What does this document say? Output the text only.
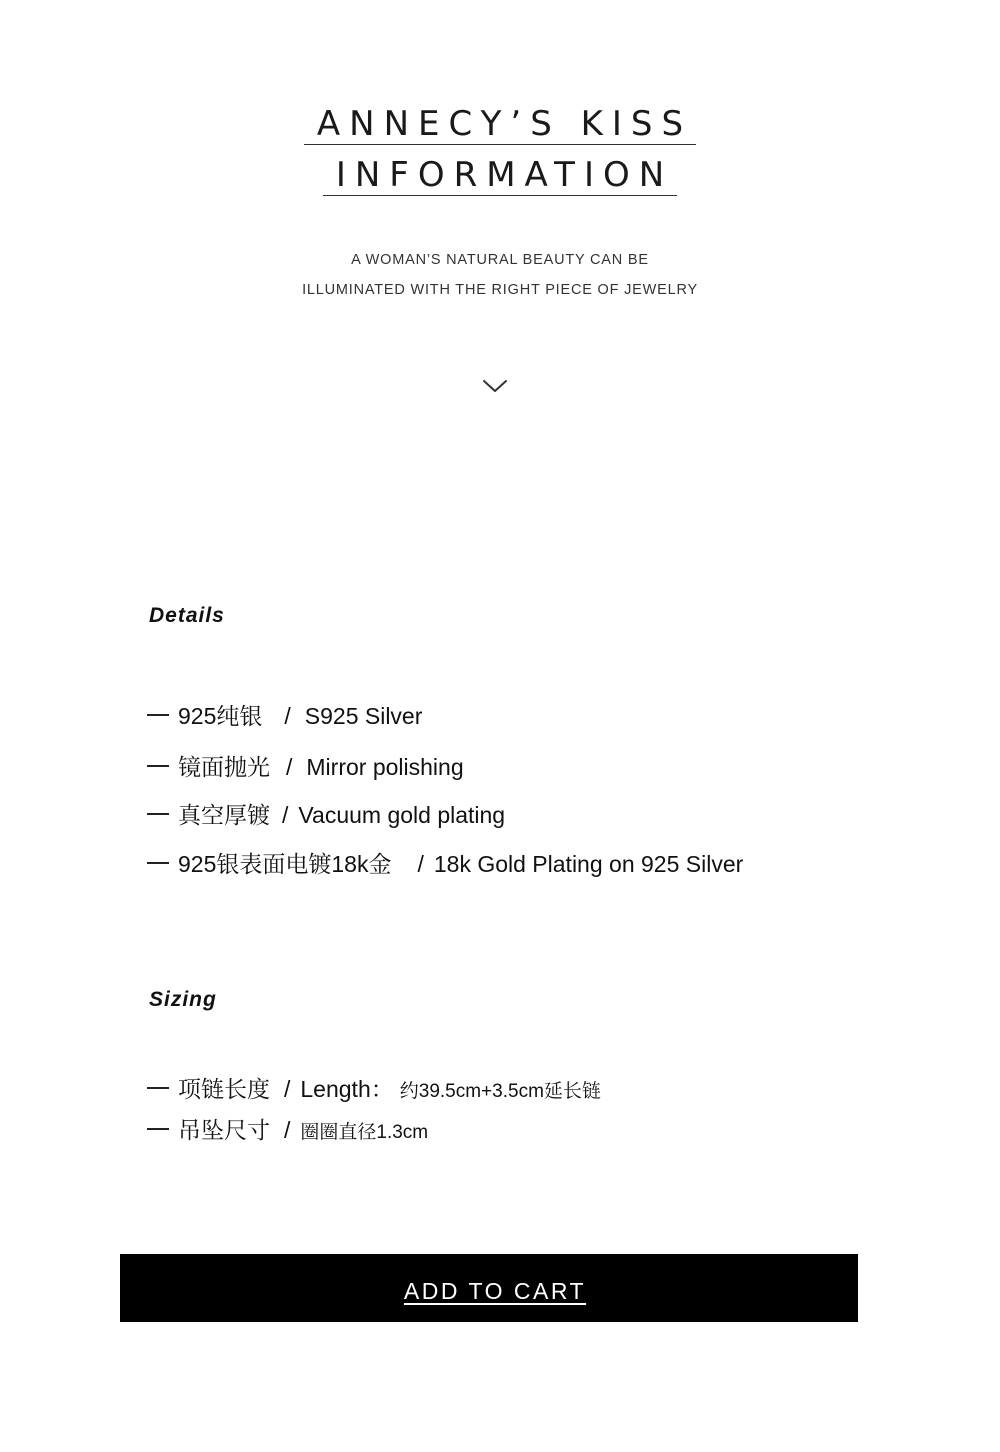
ANNECY’S KISS
INFORMATION
A WOMAN’S NATURAL BEAUTY CAN BE
ILLUMINATED WITH THE RIGHT PIECE OF JEWELRY
Details
925纯银 / S925 Silver
镜面抛光 / Mirror polishing
真空厚镀 / Vacuum gold plating
925银表面电镀18k金 / 18k Gold Plating on 925 Silver
Sizing
项链长度 / Length： 约39.5cm+3.5cm延长链
吊坠尺寸 / 圈圈直径1.3cm
ADD TO CART
